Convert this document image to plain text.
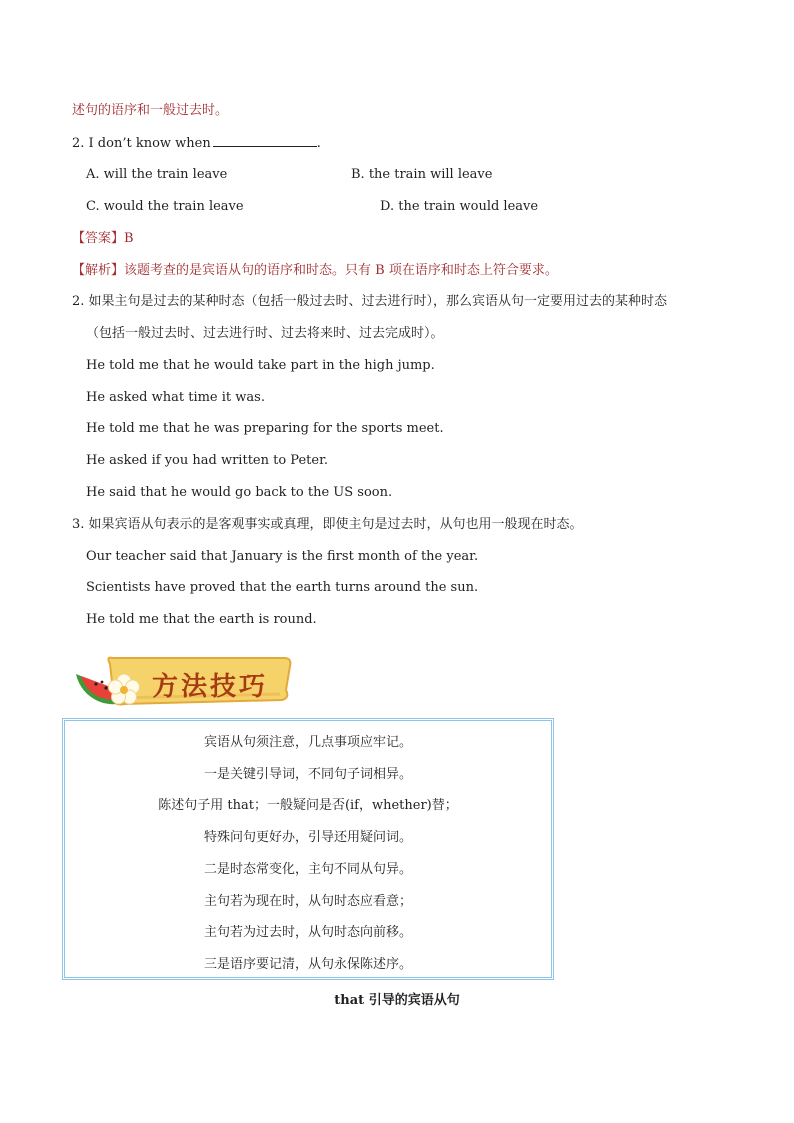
述句的语序和一般过去时。
2. I don’t know when	.
A. will the train leave	B. the train will leave
C. would the train leave	D. the train would leave
【答案】B
【解析】该题考查的是宾语从句的语序和时态。只有 B 项在语序和时态上符合要求。
2. 如果主句是过去的某种时态（包括一般过去时、过去进行时），那么宾语从句一定要用过去的某种时态
（包括一般过去时、过去进行时、过去将来时、过去完成时）。
He told me that he would take part in the high jump.
He asked what time it was.
He told me that he was preparing for the sports meet.
He asked if you had written to Peter.
He said that he would go back to the US soon.
3. 如果宾语从句表示的是客观事实或真理，即使主句是过去时，从句也用一般现在时态。
Our teacher said that January is the first month of the year.
Scientists have proved that the earth turns around the sun.
He told me that the earth is round.
方法技巧
宾语从句须注意，几点事项应牢记。
一是关键引导词，不同句子词相异。
陈述句子用 that；一般疑问是否(if，whether)替；
特殊问句更好办，引导还用疑问词。
二是时态常变化，主句不同从句异。
主句若为现在时，从句时态应看意；
主句若为过去时，从句时态向前移。
三是语序要记清，从句永保陈述序。
that 引导的宾语从句
